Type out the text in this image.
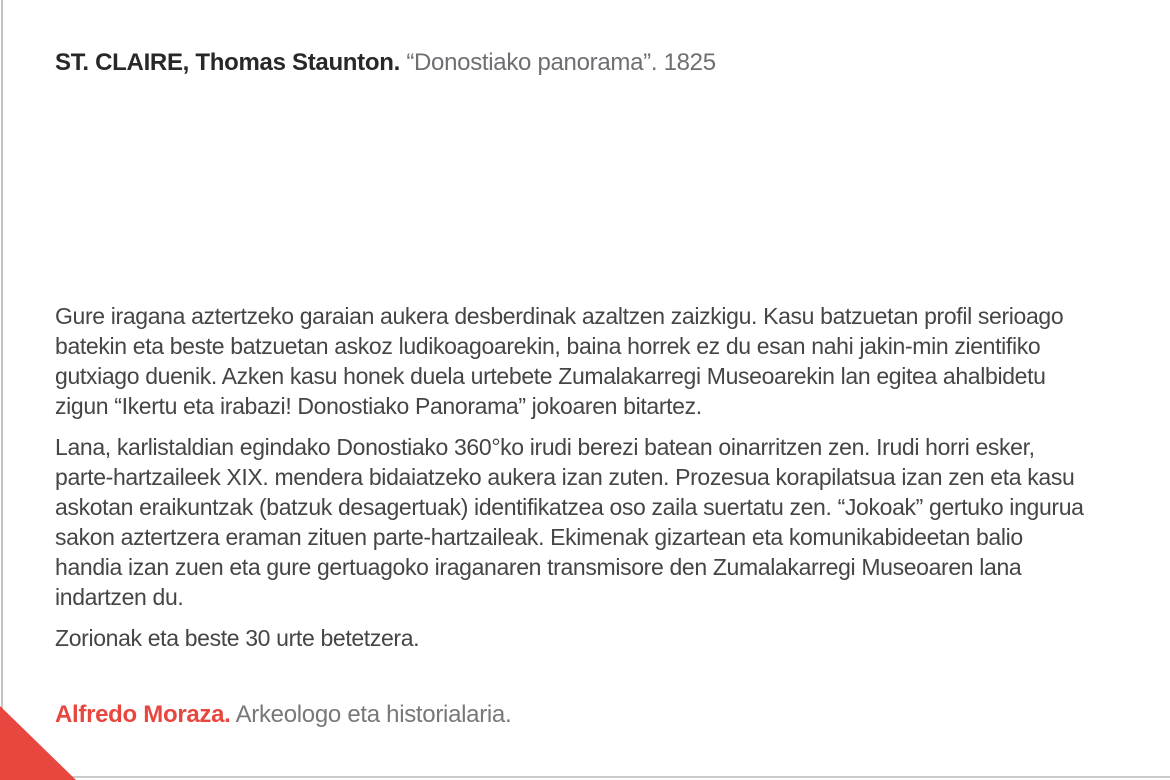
ST. CLAIRE, Thomas Staunton. “Donostiako panorama”. 1825

Gure iragana aztertzeko garaian aukera desberdinak azaltzen zaizkigu. Kasu batzuetan profil serioago batekin eta beste batzuetan askoz ludikoagoarekin, baina horrek ez du esan nahi jakin-min zientifiko gutxiago duenik. Azken kasu honek duela urtebete Zumalakarregi Museoarekin lan egitea ahalbidetu zigun “Ikertu eta irabazi! Donostiako Panorama” jokoaren bitartez.

Lana, karlistaldian egindako Donostiako 360°ko irudi berezi batean oinarritzen zen. Irudi horri esker, parte-hartzaileek XIX. mendera bidaiatzeko aukera izan zuten. Prozesua korapilatsua izan zen eta kasu askotan eraikuntzak (batzuk desagertuak) identifikatzea oso zaila suertatu zen. “Jokoak” gertuko ingurua sakon aztertzera eraman zituen parte-hartzaileak. Ekimenak gizartean eta komunikabideetan balio handia izan zuen eta gure gertuagoko iraganaren transmisore den Zumalakarregi Museoaren lana indartzen du.

Zorionak eta beste 30 urte betetzera.

Alfredo Moraza. Arkeologo eta historialaria.
